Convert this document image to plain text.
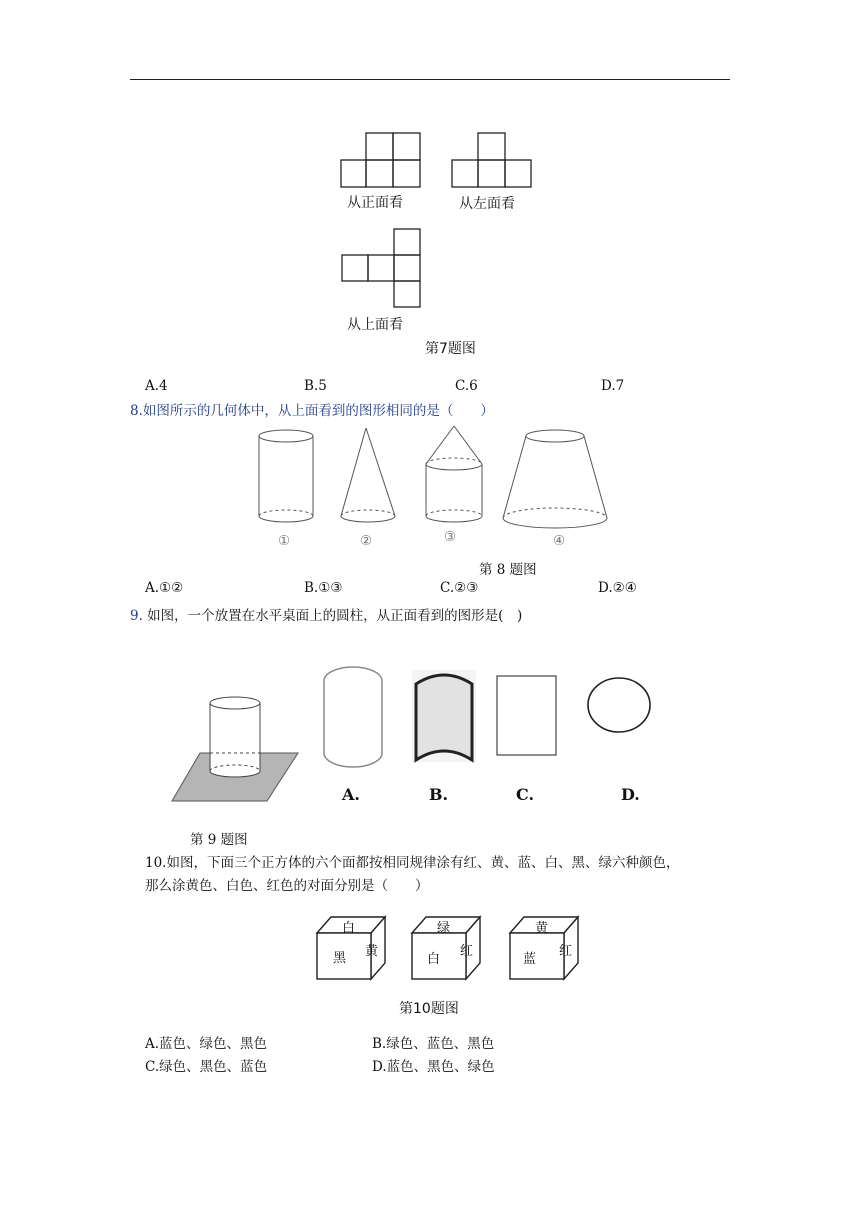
从正面看	从左面看
从上面看
第7题图
A.4	B.5	C.6	D.7
8.如图所示的几何体中，从上面看到的图形相同的是（　　）
①	②	③	④
第 8 题图
A.①②	B.①③	C.②③	D.②④
9. 如图，一个放置在水平桌面上的圆柱，从正面看到的图形是(　)
A.	B.	C.	D.
第 9 题图
10.如图，下面三个正方体的六个面都按相同规律涂有红、黄、蓝、白、黑、绿六种颜色，
那么涂黄色、白色、红色的对面分别是（　　）
白
黑 黄
绿
白
红
黄
蓝
红
第10题图
A.蓝色、绿色、黑色	B.绿色、蓝色、黑色
C.绿色、黑色、蓝色	D.蓝色、黑色、绿色
